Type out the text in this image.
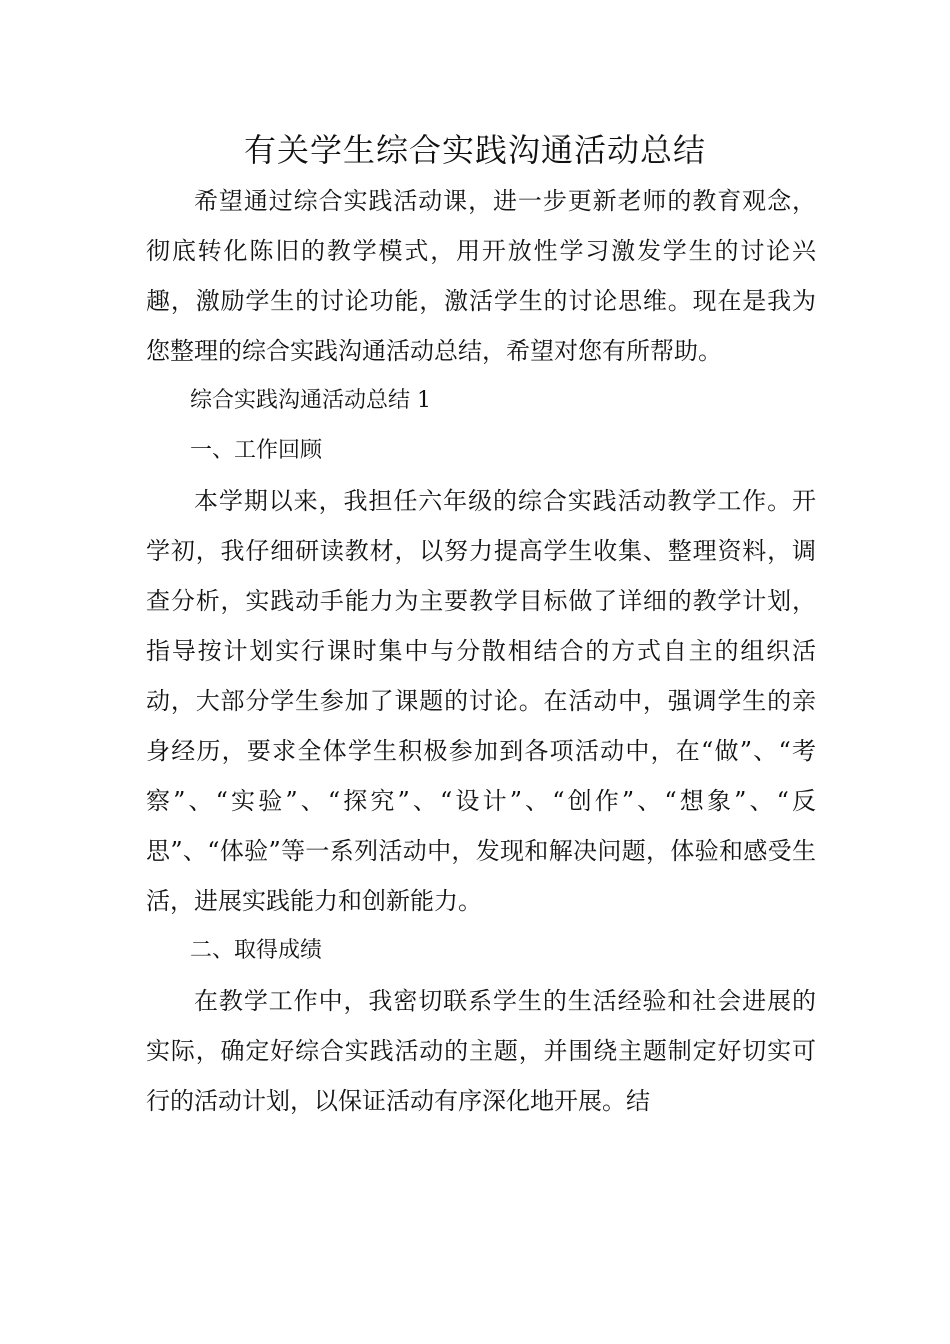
有关学生综合实践沟通活动总结

希望通过综合实践活动课，进一步更新老师的教育观念，彻底转化陈旧的教学模式，用开放性学习激发学生的讨论兴趣，激励学生的讨论功能，激活学生的讨论思维。现在是我为您整理的综合实践沟通活动总结，希望对您有所帮助。

综合实践沟通活动总结 1

一、工作回顾

本学期以来，我担任六年级的综合实践活动教学工作。开学初，我仔细研读教材，以努力提高学生收集、整理资料，调查分析，实践动手能力为主要教学目标做了详细的教学计划，指导按计划实行课时集中与分散相结合的方式自主的组织活动，大部分学生参加了课题的讨论。在活动中，强调学生的亲身经历，要求全体学生积极参加到各项活动中，在“做”、“考察”、“实验”、“探究”、“设计”、“创作”、“想象”、“反思”、“体验”等一系列活动中，发现和解决问题，体验和感受生活，进展实践能力和创新能力。

二、取得成绩

在教学工作中，我密切联系学生的生活经验和社会进展的实际，确定好综合实践活动的主题，并围绕主题制定好切实可行的活动计划，以保证活动有序深化地开展。结
